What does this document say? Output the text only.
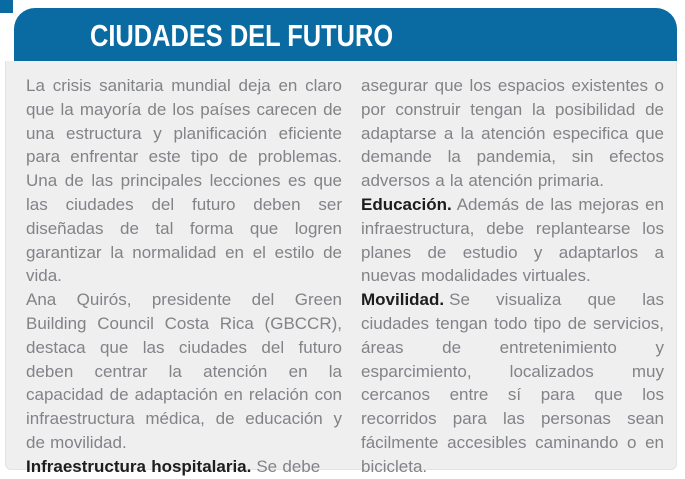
CIUDADES DEL FUTURO

La crisis sanitaria mundial deja en claro que la mayoría de los países carecen de una estructura y planificación eficiente para enfrentar este tipo de problemas. Una de las principales lecciones es que las ciudades del futuro deben ser diseñadas de tal forma que logren garantizar la normalidad en el estilo de vida.

Ana Quirós, presidente del Green Building Council Costa Rica (GBCCR), destaca que las ciudades del futuro deben centrar la atención en la capacidad de adaptación en relación con infraestructura médica, de educación y de movilidad.

Infraestructura hospitalaria. Se debe

asegurar que los espacios existentes o por construir tengan la posibilidad de adaptarse a la atención especifica que demande la pandemia, sin efectos adversos a la atención primaria.

Educación. Además de las mejoras en infraestructura, debe replantearse los planes de estudio y adaptarlos a nuevas modalidades virtuales.

Movilidad. Se visualiza que las ciudades tengan todo tipo de servicios, áreas de entretenimiento y esparcimiento, localizados muy cercanos entre sí para que los recorridos para las personas sean fácilmente accesibles caminando o en bicicleta.
